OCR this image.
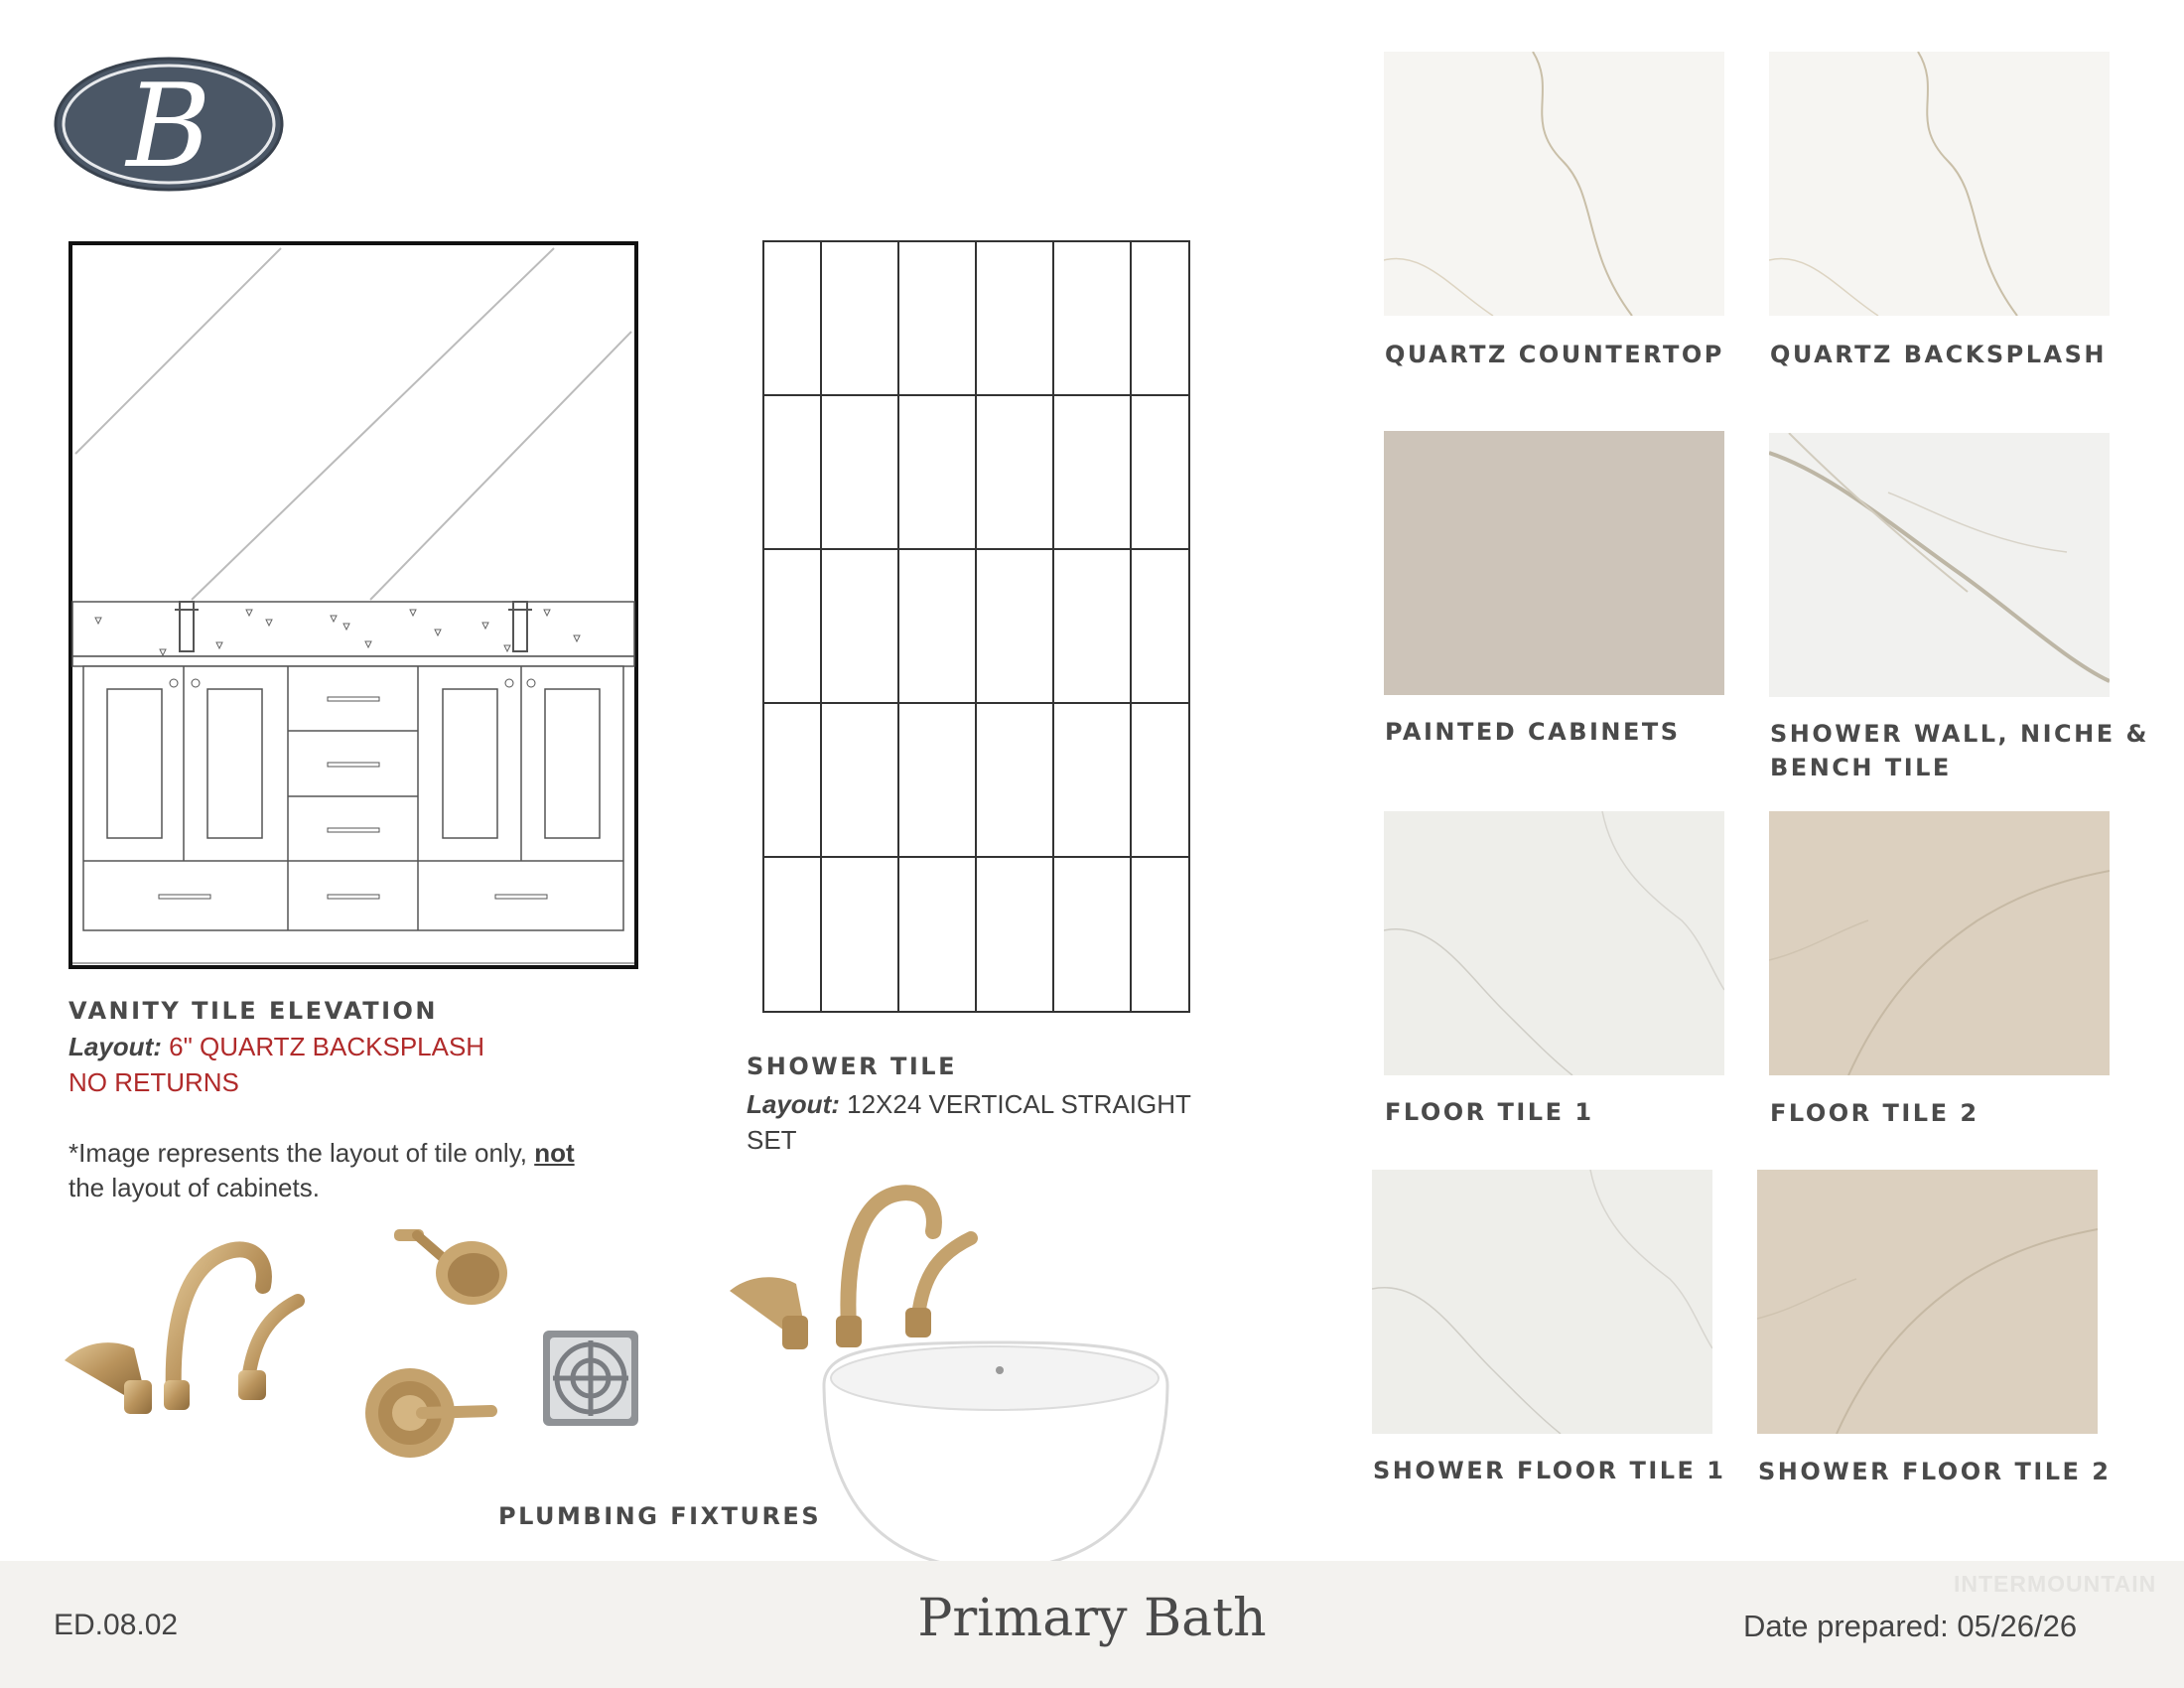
B
VANITY TILE ELEVATION
Layout: 6" QUARTZ BACKSPLASH
NO RETURNS
*Image represents the layout of tile only, not
the layout of cabinets.
SHOWER TILE
Layout: 12X24 VERTICAL STRAIGHT
SET
PLUMBING FIXTURES
QUARTZ COUNTERTOP QUARTZ BACKSPLASH
PAINTED CABINETS	SHOWER WALL, NICHE &
BENCH TILE
FLOOR TILE 1	FLOOR TILE 2
SHOWER FLOOR TILE 1 SHOWER FLOOR TILE 2
ED.08.02	Primary Bath	Date prepared: 05/26/26
INTERMOUNTAIN
